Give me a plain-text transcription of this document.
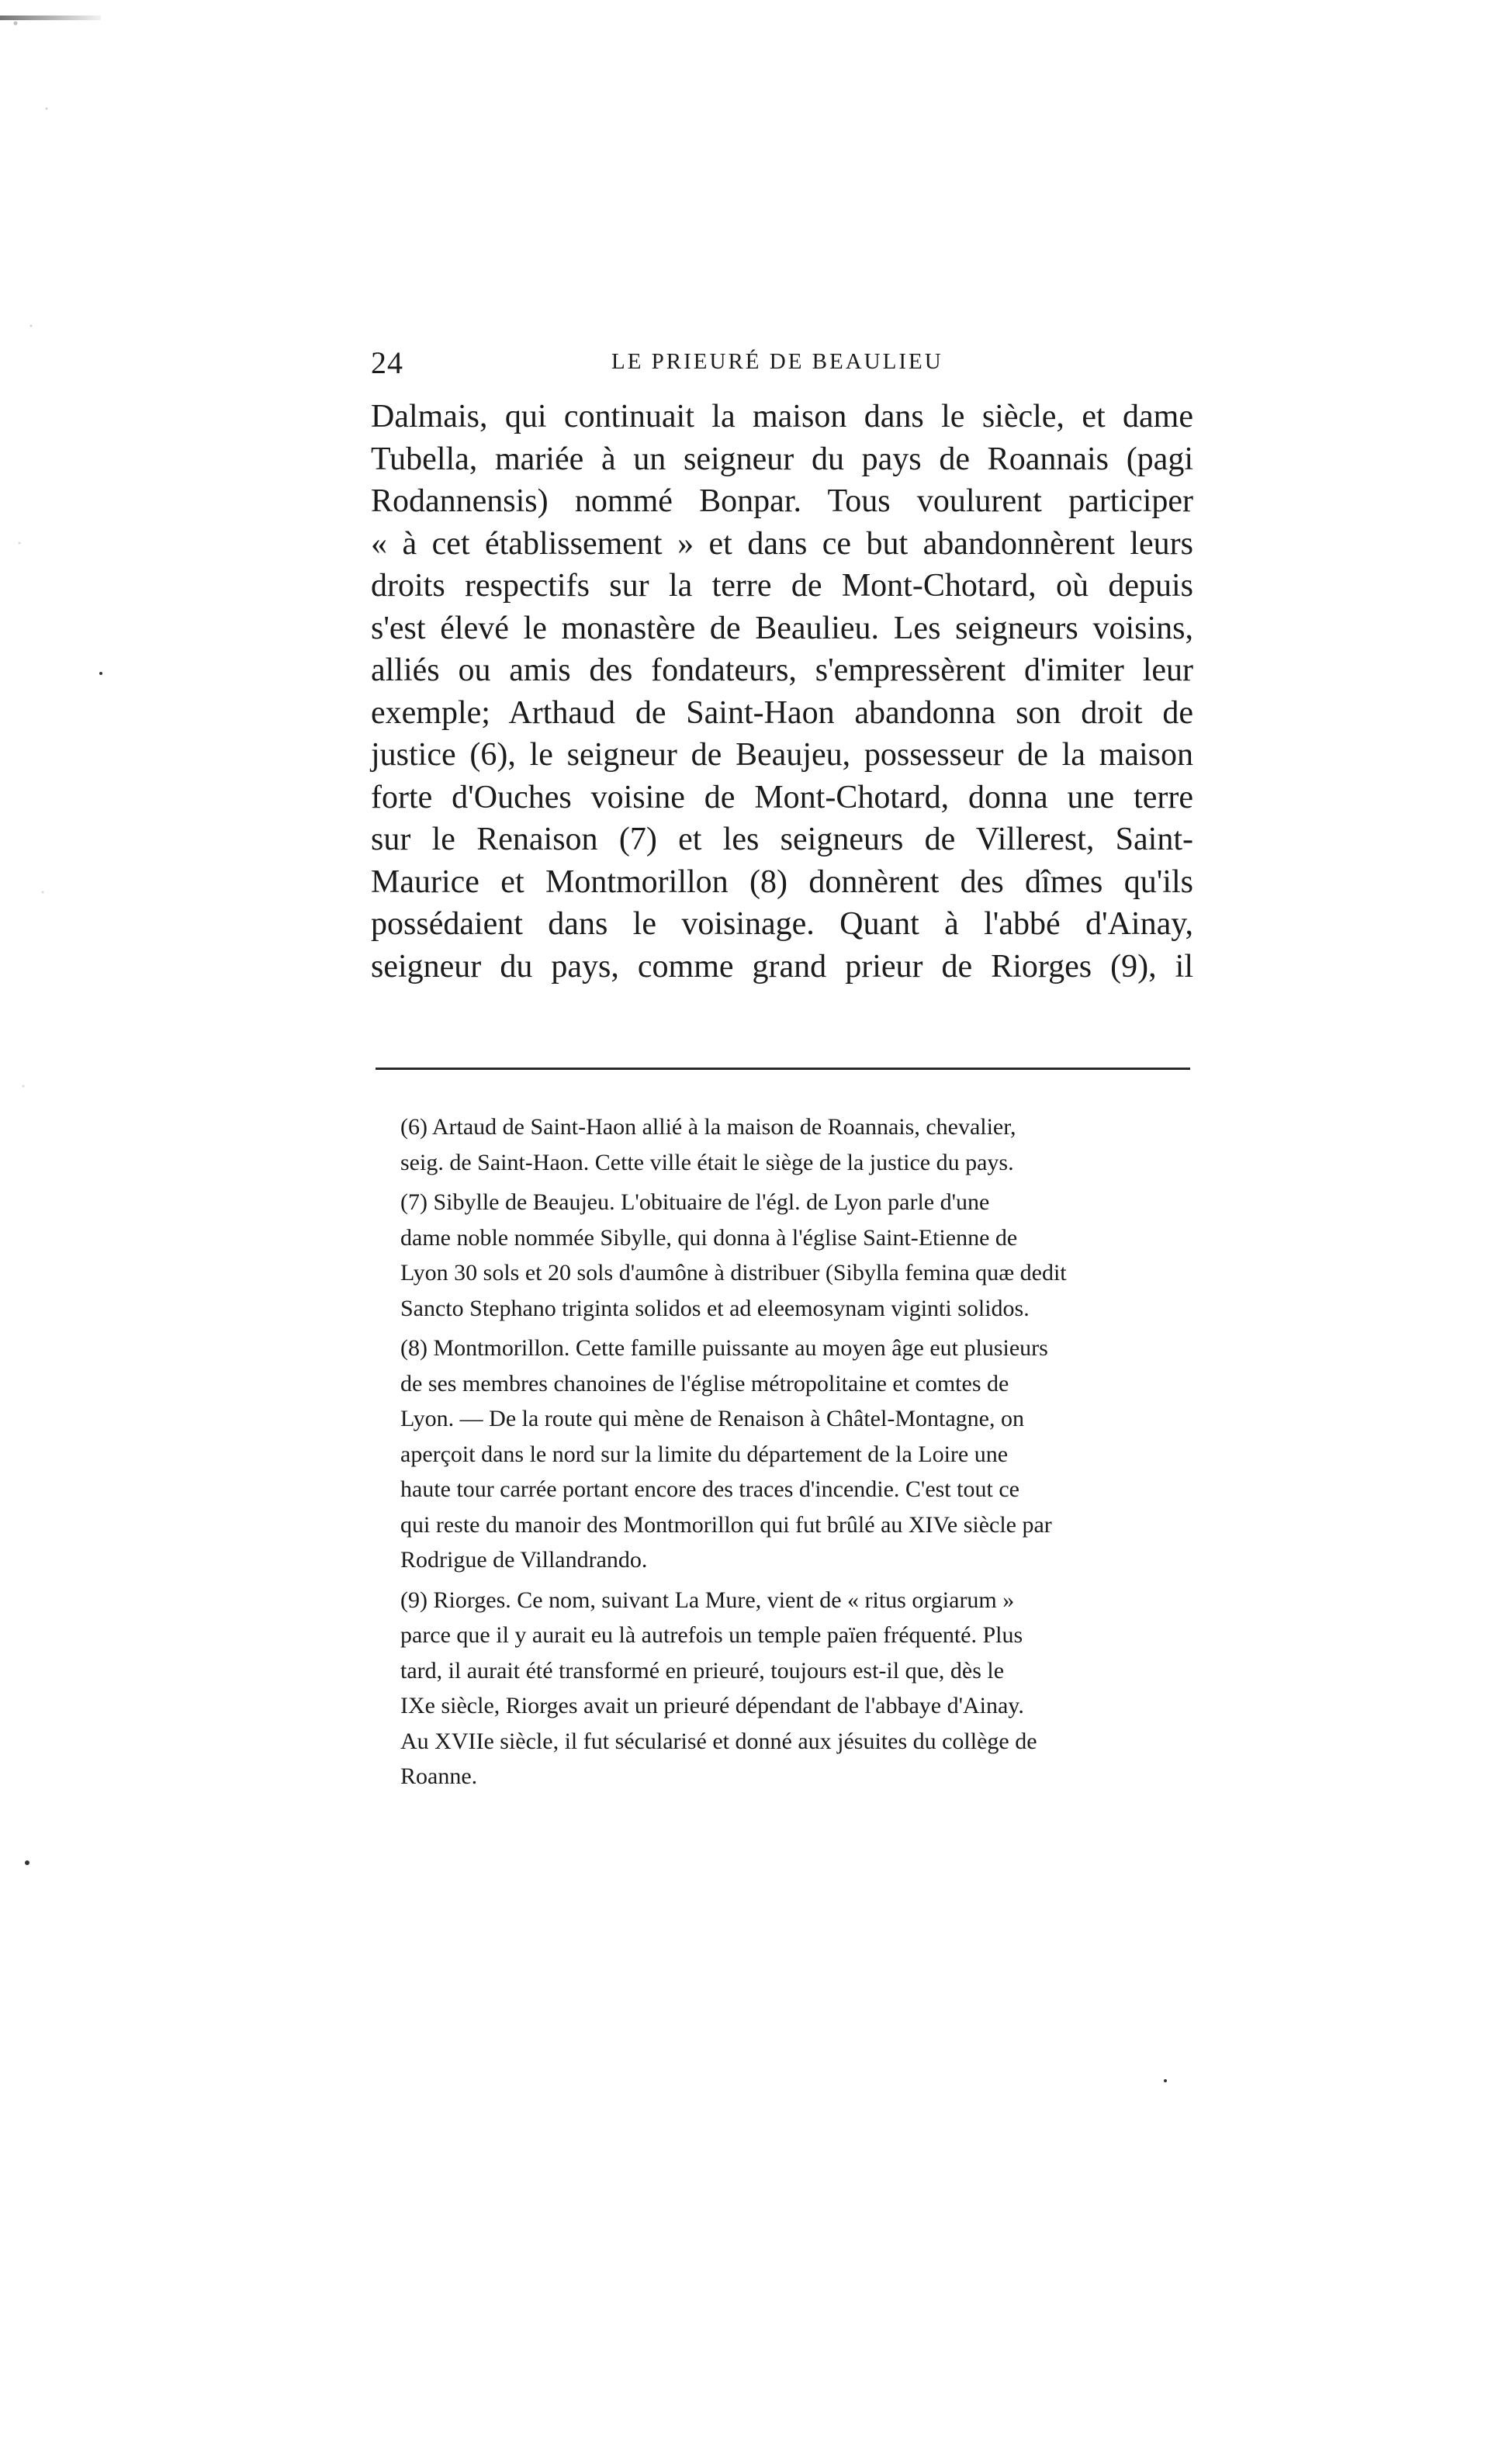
24	LE PRIEURÉ DE BEAULIEU
Dalmais, qui continuait la maison dans le siècle, et dame
Tubella, mariée à un seigneur du pays de Roannais (pagi
Rodannensis) nommé Bonpar. Tous voulurent participer
« à cet établissement » et dans ce but abandonnèrent leurs
droits respectifs sur la terre de Mont-Chotard, où depuis
s'est élevé le monastère de Beaulieu. Les seigneurs voisins,
alliés ou amis des fondateurs, s'empressèrent d'imiter leur
exemple; Arthaud de Saint-Haon abandonna son droit de
justice (6), le seigneur de Beaujeu, possesseur de la maison
forte d'Ouches voisine de Mont-Chotard, donna une terre
sur le Renaison (7) et les seigneurs de Villerest, Saint-
Maurice et Montmorillon (8) donnèrent des dîmes qu'ils
possédaient dans le voisinage. Quant à l'abbé d'Ainay,
seigneur du pays, comme grand prieur de Riorges (9), il
(6) Artaud de Saint-Haon allié à la maison de Roannais, chevalier,
seig. de Saint-Haon. Cette ville était le siège de la justice du pays.
(7) Sibylle de Beaujeu. L'obituaire de l'égl. de Lyon parle d'une
dame noble nommée Sibylle, qui donna à l'église Saint-Etienne de
Lyon 30 sols et 20 sols d'aumône à distribuer (Sibylla femina quæ dedit
Sancto Stephano triginta solidos et ad eleemosynam viginti solidos.
(8) Montmorillon. Cette famille puissante au moyen âge eut plusieurs
de ses membres chanoines de l'église métropolitaine et comtes de
Lyon. — De la route qui mène de Renaison à Châtel-Montagne, on
aperçoit dans le nord sur la limite du département de la Loire une
haute tour carrée portant encore des traces d'incendie. C'est tout ce
qui reste du manoir des Montmorillon qui fut brûlé au XIVe siècle par
Rodrigue de Villandrando.
(9) Riorges. Ce nom, suivant La Mure, vient de « ritus orgiarum »
parce que il y aurait eu là autrefois un temple païen fréquenté. Plus
tard, il aurait été transformé en prieuré, toujours est-il que, dès le
IXe siècle, Riorges avait un prieuré dépendant de l'abbaye d'Ainay.
Au XVIIe siècle, il fut sécularisé et donné aux jésuites du collège de
Roanne.
